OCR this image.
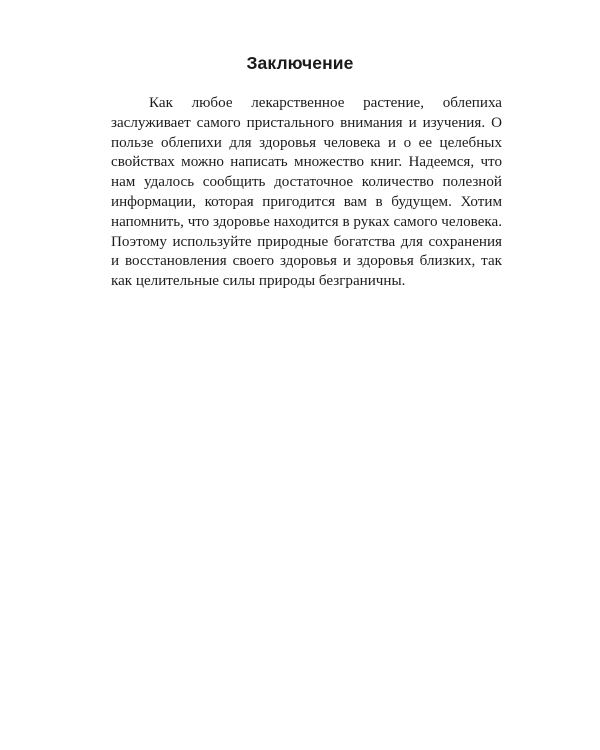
Заключение

Как любое лекарственное растение, облепиха заслуживает самого пристального внимания и изучения. О пользе облепихи для здоровья человека и о ее целебных свойствах можно написать множество книг. Надеемся, что нам удалось сообщить достаточное количество полезной информации, которая пригодится вам в будущем. Хотим напомнить, что здоровье находится в руках самого человека. Поэтому используйте природные богатства для сохранения и восстановления своего здоровья и здоровья близких, так как целительные силы природы безграничны.
